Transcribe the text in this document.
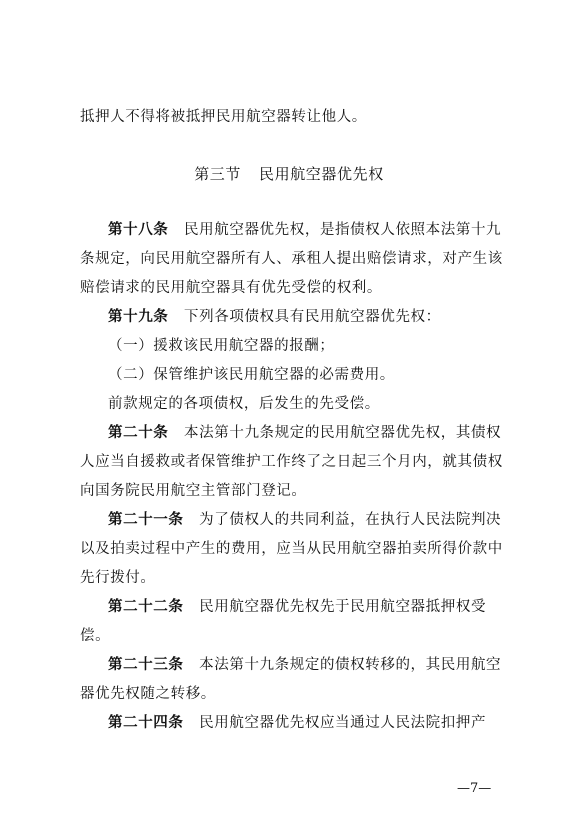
抵押人不得将被抵押民用航空器转让他人。
第三节 民用航空器优先权
第十八条 民用航空器优先权，是指债权人依照本法第十九
条规定，向民用航空器所有人、承租人提出赔偿请求，对产生该
赔偿请求的民用航空器具有优先受偿的权利。
第十九条 下列各项债权具有民用航空器优先权：
（一）援救该民用航空器的报酬；
（二）保管维护该民用航空器的必需费用。
前款规定的各项债权，后发生的先受偿。
第二十条 本法第十九条规定的民用航空器优先权，其债权
人应当自援救或者保管维护工作终了之日起三个月内，就其债权
向国务院民用航空主管部门登记。
第二十一条 为了债权人的共同利益，在执行人民法院判决
以及拍卖过程中产生的费用，应当从民用航空器拍卖所得价款中
先行拨付。
第二十二条 民用航空器优先权先于民用航空器抵押权受
偿。
第二十三条 本法第十九条规定的债权转移的，其民用航空
器优先权随之转移。
第二十四条 民用航空器优先权应当通过人民法院扣押产
—7—
